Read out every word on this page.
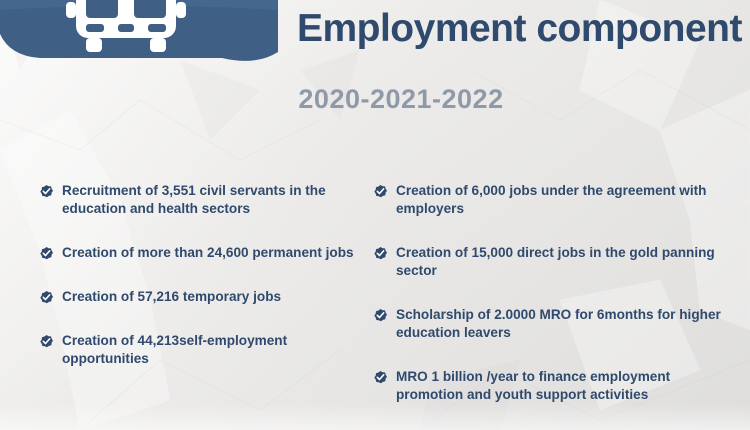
Employment component
2020-2021-2022
Recruitment of 3,551 civil servants in the education and health sectors
Creation of more than 24,600 permanent jobs
Creation of 57,216 temporary jobs
Creation of 44,213self-employment opportunities
Creation of 6,000 jobs under the agreement with employers
Creation of 15,000 direct jobs in the gold panning sector
Scholarship of 2.0000 MRO for 6months for higher education leavers
MRO 1 billion /year to finance employment promotion and youth support activities
